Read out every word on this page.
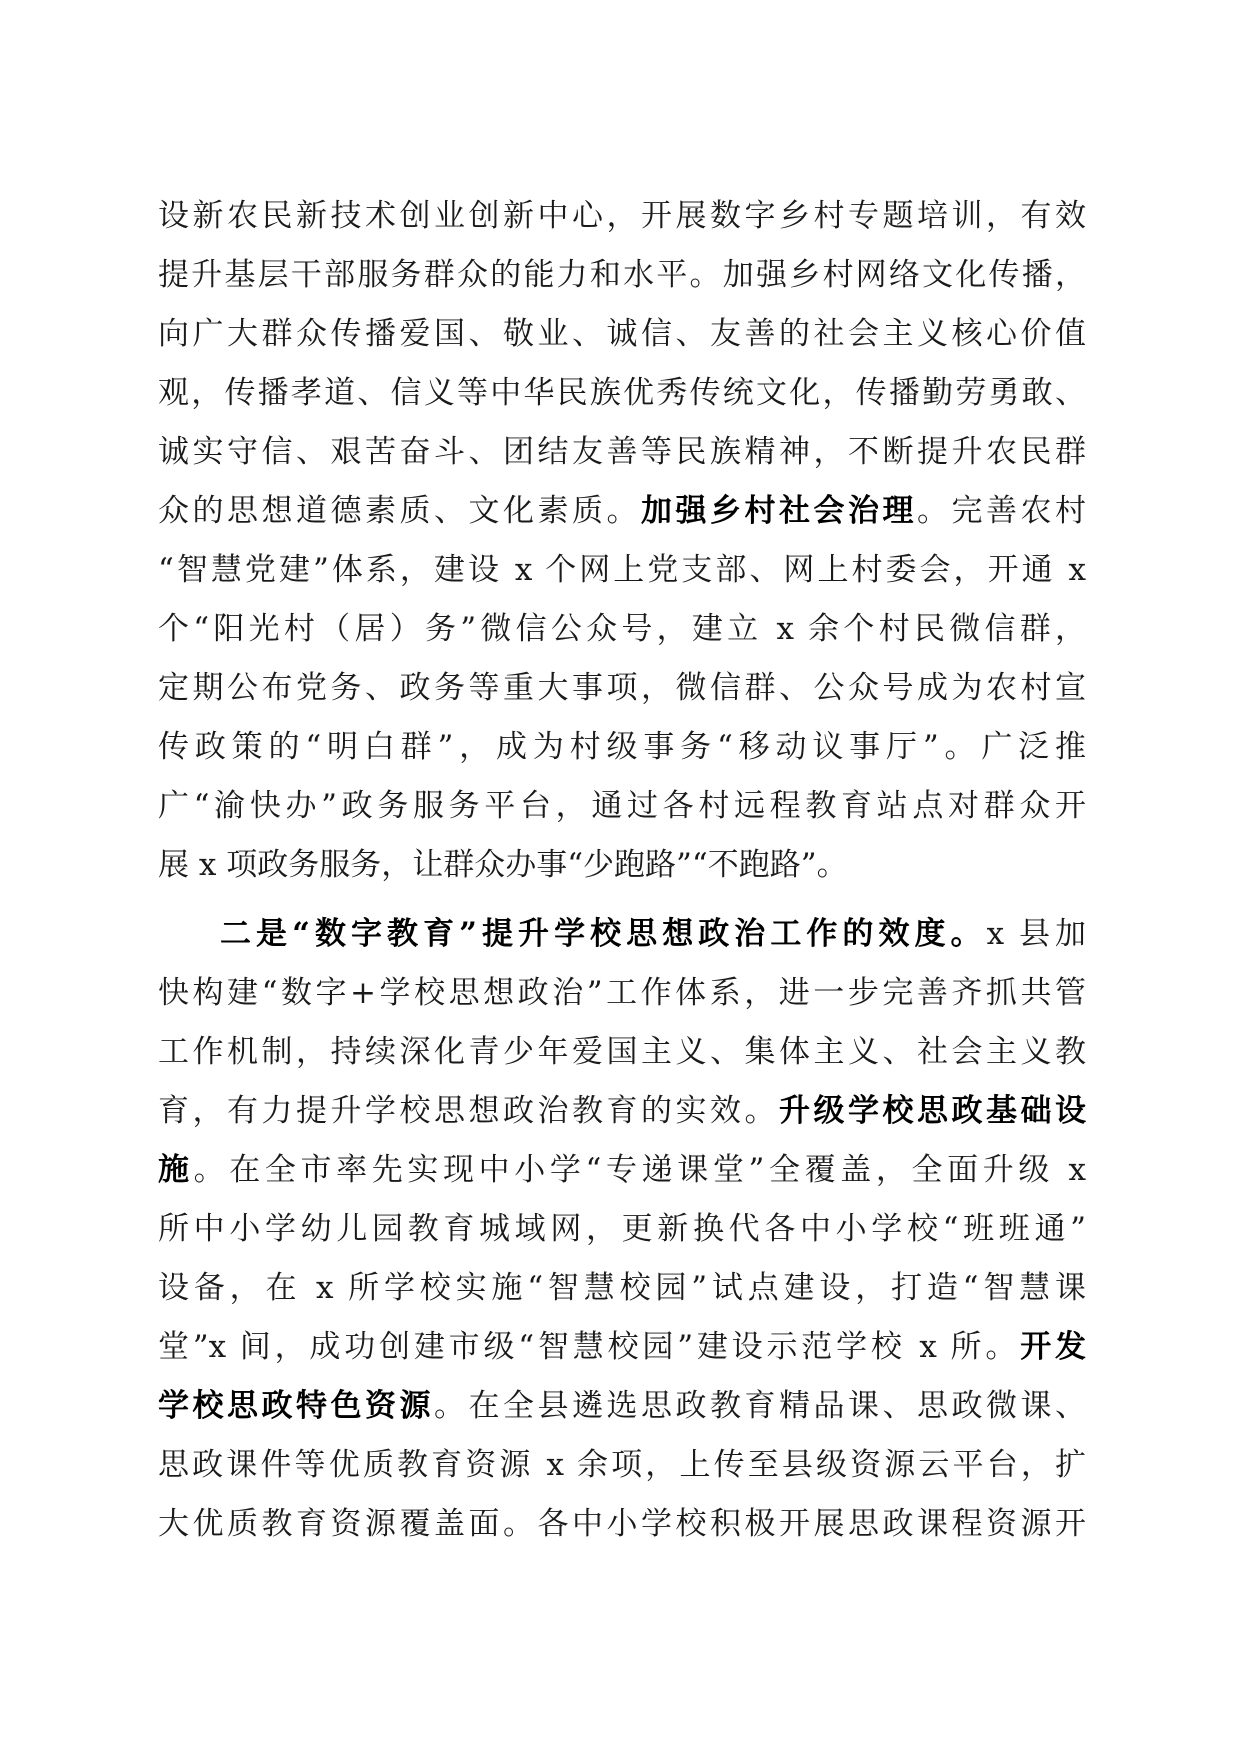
设新农民新技术创业创新中心，开展数字乡村专题培训，有效
提升基层干部服务群众的能力和水平。加强乡村网络文化传播，
向广大群众传播爱国、敬业、诚信、友善的社会主义核心价值
观，传播孝道、信义等中华民族优秀传统文化，传播勤劳勇敢、
诚实守信、艰苦奋斗、团结友善等民族精神，不断提升农民群
众的思想道德素质、文化素质。加强乡村社会治理。完善农村
“智慧党建”体系，建设 x 个网上党支部、网上村委会，开通 x
个“阳光村（居）务”微信公众号，建立 x 余个村民微信群，
定期公布党务、政务等重大事项，微信群、公众号成为农村宣
传政策的“明白群”，成为村级事务“移动议事厅”。广泛推
广“渝快办”政务服务平台，通过各村远程教育站点对群众开
展 x 项政务服务，让群众办事“少跑路”“不跑路”。
二是“数字教育”提升学校思想政治工作的效度。x 县加
快构建“数字+学校思想政治”工作体系，进一步完善齐抓共管
工作机制，持续深化青少年爱国主义、集体主义、社会主义教
育，有力提升学校思想政治教育的实效。升级学校思政基础设
施。在全市率先实现中小学“专递课堂”全覆盖，全面升级 x
所中小学幼儿园教育城域网，更新换代各中小学校“班班通”
设备，在 x 所学校实施“智慧校园”试点建设，打造“智慧课
堂”x 间，成功创建市级“智慧校园”建设示范学校 x 所。开发
学校思政特色资源。在全县遴选思政教育精品课、思政微课、
思政课件等优质教育资源 x 余项，上传至县级资源云平台，扩
大优质教育资源覆盖面。各中小学校积极开展思政课程资源开
